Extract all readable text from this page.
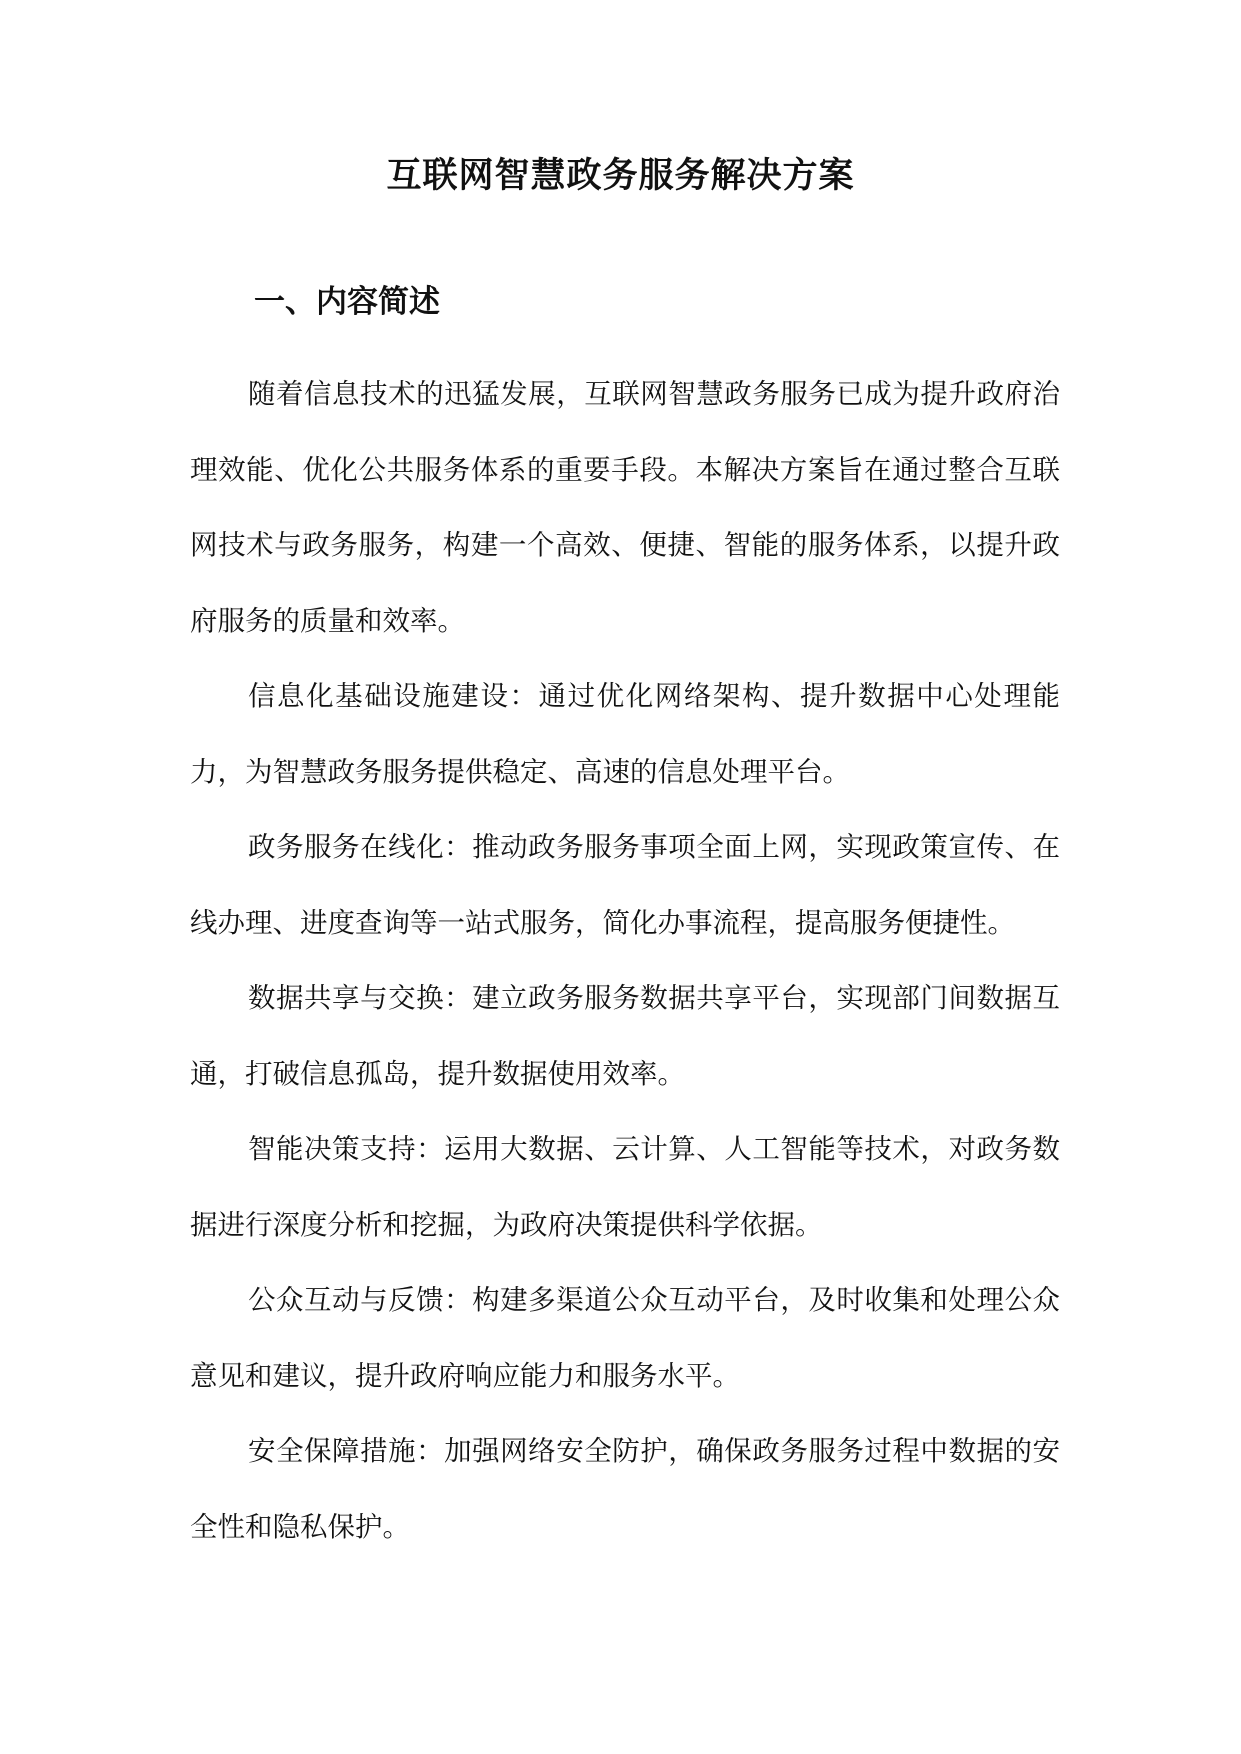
互联网智慧政务服务解决方案
一、内容简述

随着信息技术的迅猛发展，互联网智慧政务服务已成为提升政府治理效能、优化公共服务体系的重要手段。本解决方案旨在通过整合互联网技术与政务服务，构建一个高效、便捷、智能的服务体系，以提升政府服务的质量和效率。

信息化基础设施建设：通过优化网络架构、提升数据中心处理能力，为智慧政务服务提供稳定、高速的信息处理平台。

政务服务在线化：推动政务服务事项全面上网，实现政策宣传、在线办理、进度查询等一站式服务，简化办事流程，提高服务便捷性。

数据共享与交换：建立政务服务数据共享平台，实现部门间数据互通，打破信息孤岛，提升数据使用效率。

智能决策支持：运用大数据、云计算、人工智能等技术，对政务数据进行深度分析和挖掘，为政府决策提供科学依据。

公众互动与反馈：构建多渠道公众互动平台，及时收集和处理公众意见和建议，提升政府响应能力和服务水平。

安全保障措施：加强网络安全防护，确保政务服务过程中数据的安全性和隐私保护。
